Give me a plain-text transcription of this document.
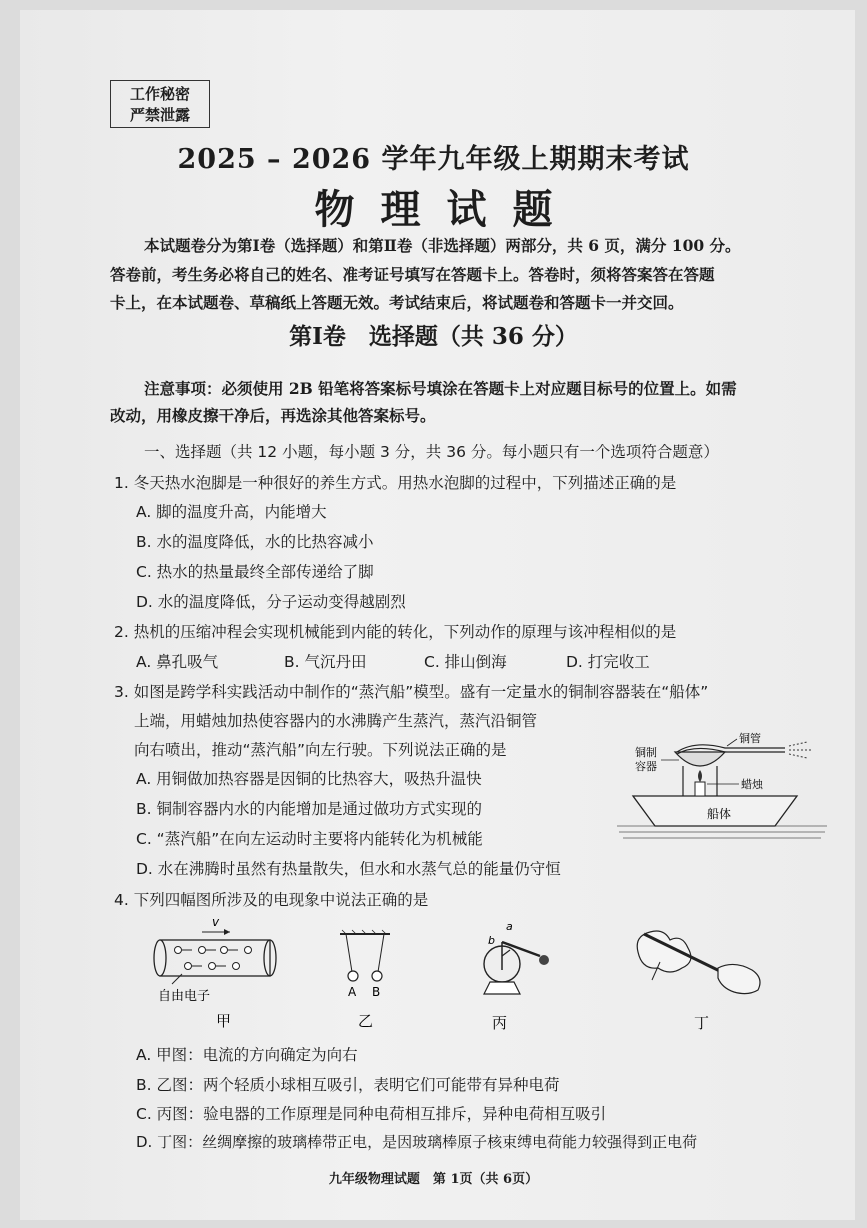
工作秘密
严禁泄露
2025 – 2026 学年九年级上期期末考试
物理试题
本试题卷分为第Ⅰ卷（选择题）和第Ⅱ卷（非选择题）两部分，共 6 页，满分 100 分。
答卷前，考生务必将自己的姓名、准考证号填写在答题卡上。答卷时，须将答案答在答题
卡上，在本试题卷、草稿纸上答题无效。考试结束后，将试题卷和答题卡一并交回。
第Ⅰ卷　选择题（共 36 分）
注意事项：必须使用 2B 铅笔将答案标号填涂在答题卡上对应题目标号的位置上。如需
改动，用橡皮擦干净后，再选涂其他答案标号。
一、选择题（共 12 小题，每小题 3 分，共 36 分。每小题只有一个选项符合题意）
1. 冬天热水泡脚是一种很好的养生方式。用热水泡脚的过程中，下列描述正确的是
A. 脚的温度升高，内能增大
B. 水的温度降低，水的比热容减小
C. 热水的热量最终全部传递给了脚
D. 水的温度降低，分子运动变得越剧烈
2. 热机的压缩冲程会实现机械能到内能的转化，下列动作的原理与该冲程相似的是
A. 鼻孔吸气	B. 气沉丹田	C. 排山倒海	D. 打完收工
3. 如图是跨学科实践活动中制作的“蒸汽船”模型。盛有一定量水的铜制容器装在“船体”
上端，用蜡烛加热使容器内的水沸腾产生蒸汽，蒸汽沿铜管
向右喷出，推动“蒸汽船”向左行驶。下列说法正确的是
A. 用铜做加热容器是因铜的比热容大，吸热升温快
B. 铜制容器内水的内能增加是通过做功方式实现的
C. “蒸汽船”在向左运动时主要将内能转化为机械能
D. 水在沸腾时虽然有热量散失，但水和水蒸气总的能量仍守恒
船体
铜制
容器
铜管
蜡烛
4. 下列四幅图所涉及的电现象中说法正确的是
v
自由电子
甲
A B
乙
a
b
丙	丁
A. 甲图：电流的方向确定为向右
B. 乙图：两个轻质小球相互吸引，表明它们可能带有异种电荷
C. 丙图：验电器的工作原理是同种电荷相互排斥，异种电荷相互吸引
D. 丁图：丝绸摩擦的玻璃棒带正电，是因玻璃棒原子核束缚电荷能力较强得到正电荷
九年级物理试题　第 1页（共 6页）
